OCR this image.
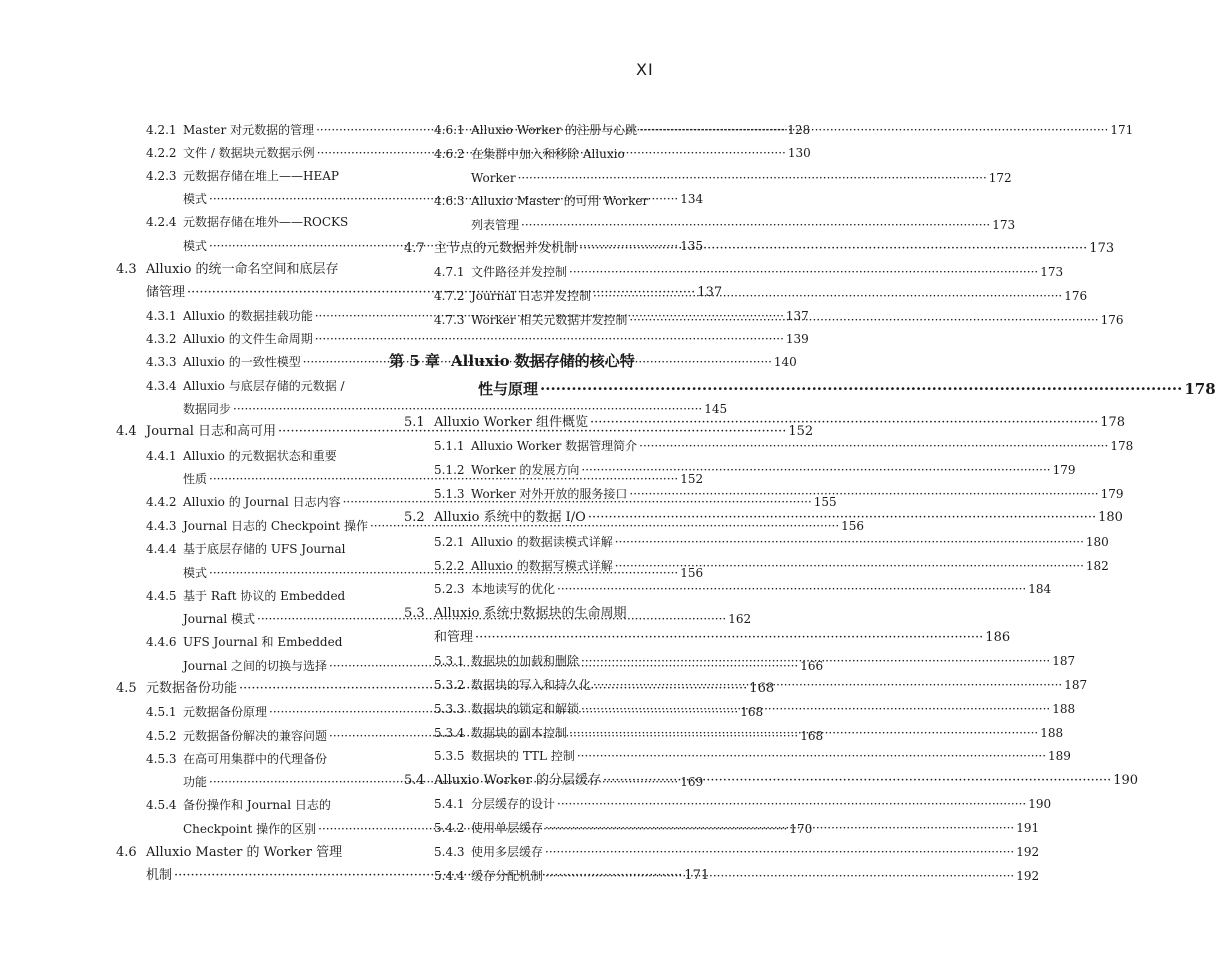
XI
4.2.1 Master 对元数据的管理 ·····	128
4.2.2 文件 / 数据块元数据示例 ·····	130
4.2.3 元数据存储在堆上——HEAP
模式 ·····	134
4.2.4 元数据存储在堆外——ROCKS
模式 ·····	135
4.3 Alluxio 的统一命名空间和底层存
储管理 ·····	137
4.3.1 Alluxio 的数据挂载功能 ·····	137
4.3.2 Alluxio 的文件生命周期 ·····	139
4.3.3 Alluxio 的一致性模型 ·····	140
4.3.4 Alluxio 与底层存储的元数据 /
数据同步 ·····	145
4.4 Journal 日志和高可用 ·····	152
4.4.1 Alluxio 的元数据状态和重要
性质 ·····	152
4.4.2 Alluxio 的 Journal 日志内容 ·····	155
4.4.3 Journal 日志的 Checkpoint 操作 ·····	156
4.4.4 基于底层存储的 UFS Journal
模式 ·····	156
4.4.5 基于 Raft 协议的 Embedded
Journal 模式 ·····	162
4.4.6 UFS Journal 和 Embedded
Journal 之间的切换与选择 ·····	166
4.5 元数据备份功能 ·····	168
4.5.1 元数据备份原理 ·····	168
4.5.2 元数据备份解决的兼容问题 ·····	168
4.5.3 在高可用集群中的代理备份
功能 ·····	169
4.5.4 备份操作和 Journal 日志的
Checkpoint 操作的区别 ·····	170
4.6 Alluxio Master 的 Worker 管理
机制 ·····	171
4.6.1 Alluxio Worker 的注册与心跳 ·····	171
4.6.2 在集群中加入和移除 Alluxio
Worker ·····	172
4.6.3 Alluxio Master 的可用 Worker
列表管理 ·····	173
4.7 主节点的元数据并发机制 ·····	173
4.7.1 文件路径并发控制 ·····	173
4.7.2 Journal 日志并发控制 ·····	176
4.7.3 Worker 相关元数据并发控制 ·····	176
第 5 章 Alluxio 数据存储的核心特
性与原理 ·····	178
5.1 Alluxio Worker 组件概览 ·····	178
5.1.1 Alluxio Worker 数据管理简介 ·····	178
5.1.2 Worker 的发展方向 ·····	179
5.1.3 Worker 对外开放的服务接口 ·····	179
5.2 Alluxio 系统中的数据 I/O ·····	180
5.2.1 Alluxio 的数据读模式详解 ·····	180
5.2.2 Alluxio 的数据写模式详解 ·····	182
5.2.3 本地读写的优化 ·····	184
5.3 Alluxio 系统中数据块的生命周期
和管理 ·····	186
5.3.1 数据块的加载和删除 ·····	187
5.3.2 数据块的写入和持久化 ·····	187
5.3.3 数据块的锁定和解锁 ·····	188
5.3.4 数据块的副本控制 ·····	188
5.3.5 数据块的 TTL 控制 ·····	189
5.4 Alluxio Worker 的分层缓存 ·····	190
5.4.1 分层缓存的设计 ·····	190
5.4.2 使用单层缓存 ·····	191
5.4.3 使用多层缓存 ·····	192
5.4.4 缓存分配机制 ·····	192
